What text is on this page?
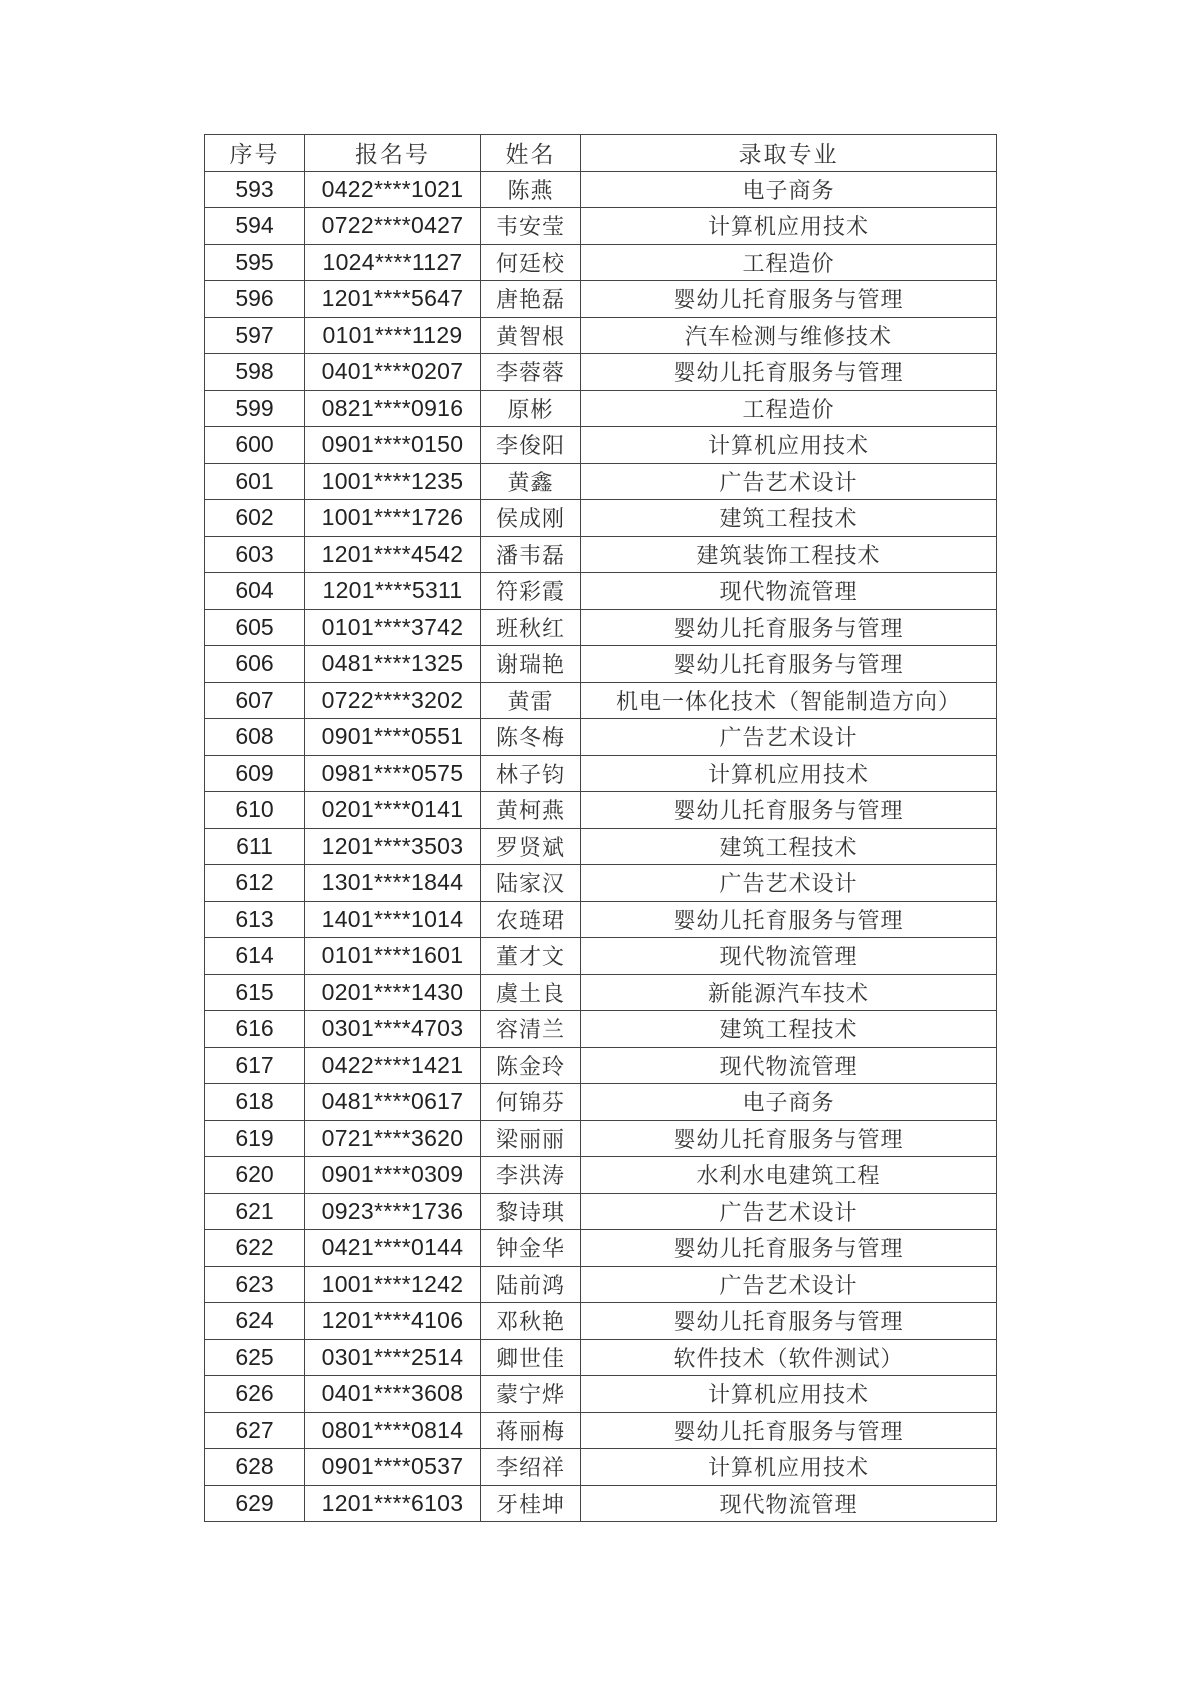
序号	报名号	姓名	录取专业
593	0422****1021	陈燕	电子商务
594	0722****0427	韦安莹	计算机应用技术
595	1024****1127	何廷校	工程造价
596	1201****5647	唐艳磊	婴幼儿托育服务与管理
597	0101****1129	黄智根	汽车检测与维修技术
598	0401****0207	李蓉蓉	婴幼儿托育服务与管理
599	0821****0916	原彬	工程造价
600	0901****0150	李俊阳	计算机应用技术
601	1001****1235	黄鑫	广告艺术设计
602	1001****1726	侯成刚	建筑工程技术
603	1201****4542	潘韦磊	建筑装饰工程技术
604	1201****5311	符彩霞	现代物流管理
605	0101****3742	班秋红	婴幼儿托育服务与管理
606	0481****1325	谢瑞艳	婴幼儿托育服务与管理
607	0722****3202	黄雷	机电一体化技术（智能制造方向）
608	0901****0551	陈冬梅	广告艺术设计
609	0981****0575	林子钧	计算机应用技术
610	0201****0141	黄柯燕	婴幼儿托育服务与管理
611	1201****3503	罗贤斌	建筑工程技术
612	1301****1844	陆家汉	广告艺术设计
613	1401****1014	农琏珺	婴幼儿托育服务与管理
614	0101****1601	董才文	现代物流管理
615	0201****1430	虞土良	新能源汽车技术
616	0301****4703	容清兰	建筑工程技术
617	0422****1421	陈金玲	现代物流管理
618	0481****0617	何锦芬	电子商务
619	0721****3620	梁丽丽	婴幼儿托育服务与管理
620	0901****0309	李洪涛	水利水电建筑工程
621	0923****1736	黎诗琪	广告艺术设计
622	0421****0144	钟金华	婴幼儿托育服务与管理
623	1001****1242	陆前鸿	广告艺术设计
624	1201****4106	邓秋艳	婴幼儿托育服务与管理
625	0301****2514	卿世佳	软件技术（软件测试）
626	0401****3608	蒙宁烨	计算机应用技术
627	0801****0814	蒋丽梅	婴幼儿托育服务与管理
628	0901****0537	李绍祥	计算机应用技术
629	1201****6103	牙桂坤	现代物流管理
